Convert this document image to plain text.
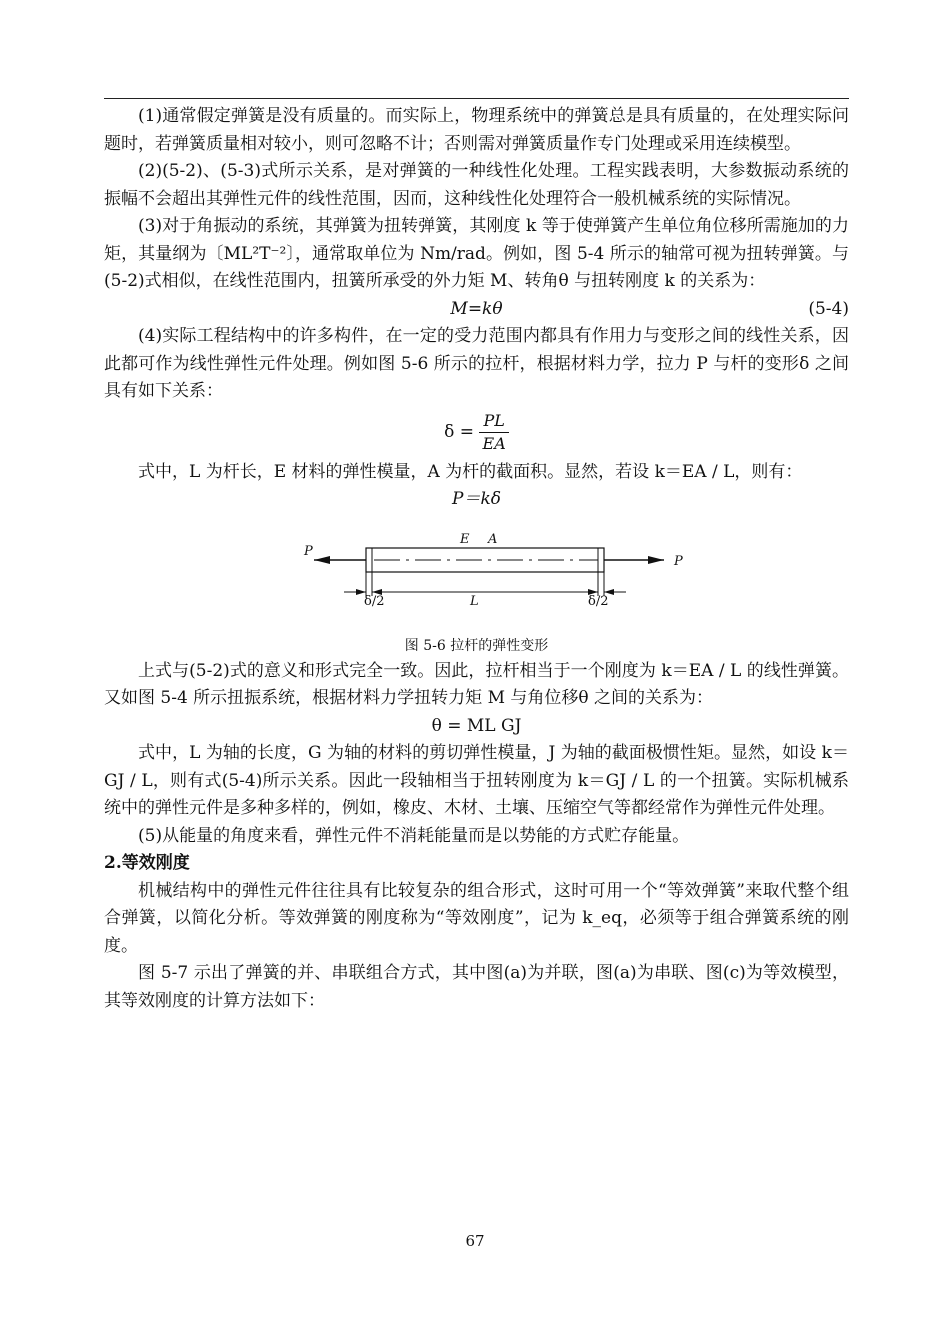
(1)通常假定弹簧是没有质量的。而实际上，物理系统中的弹簧总是具有质量的，在处理实际问题时，若弹簧质量相对较小，则可忽略不计；否则需对弹簧质量作专门处理或采用连续模型。

(2)(5-2)、(5-3)式所示关系，是对弹簧的一种线性化处理。工程实践表明，大参数振动系统的振幅不会超出其弹性元件的线性范围，因而，这种线性化处理符合一般机械系统的实际情况。

(3)对于角振动的系统，其弹簧为扭转弹簧，其刚度 k 等于使弹簧产生单位角位移所需施加的力矩，其量纲为〔ML²T⁻²〕，通常取单位为 Nm/rad。例如，图 5-4 所示的轴常可视为扭转弹簧。与(5-2)式相似，在线性范围内，扭簧所承受的外力矩 M、转角θ 与扭转刚度 k 的关系为：

M=kθ	(5-4)

(4)实际工程结构中的许多构件，在一定的受力范围内都具有作用力与变形之间的线性关系，因此都可作为线性弹性元件处理。例如图 5-6 所示的拉杆，根据材料力学，拉力 P 与杆的变形δ 之间具有如下关系：

$\delta = \frac{PL}{EA}$

式中，L 为杆长，E 材料的弹性模量，A 为杆的截面积。显然，若设 k＝EA / L，则有：

P＝kδ

E A
P
P
L
δ/2	δ/2

图 5-6 拉杆的弹性变形

上式与(5-2)式的意义和形式完全一致。因此，拉杆相当于一个刚度为 k＝EA / L 的线性弹簧。又如图 5-4 所示扭振系统，根据材料力学扭转力矩 M 与角位移θ 之间的关系为：

θ = ML GJ

式中，L 为轴的长度，G 为轴的材料的剪切弹性模量，J 为轴的截面极惯性矩。显然，如设 k＝GJ / L，则有式(5-4)所示关系。因此一段轴相当于扭转刚度为 k＝GJ / L 的一个扭簧。实际机械系统中的弹性元件是多种多样的，例如，橡皮、木材、土壤、压缩空气等都经常作为弹性元件处理。

(5)从能量的角度来看，弹性元件不消耗能量而是以势能的方式贮存能量。

2.等效刚度

机械结构中的弹性元件往往具有比较复杂的组合形式，这时可用一个“等效弹簧”来取代整个组合弹簧，以简化分析。等效弹簧的刚度称为“等效刚度”，记为 k_eq，必须等于组合弹簧系统的刚度。

图 5-7 示出了弹簧的并、串联组合方式，其中图(a)为并联，图(a)为串联、图(c)为等效模型，其等效刚度的计算方法如下：

67
